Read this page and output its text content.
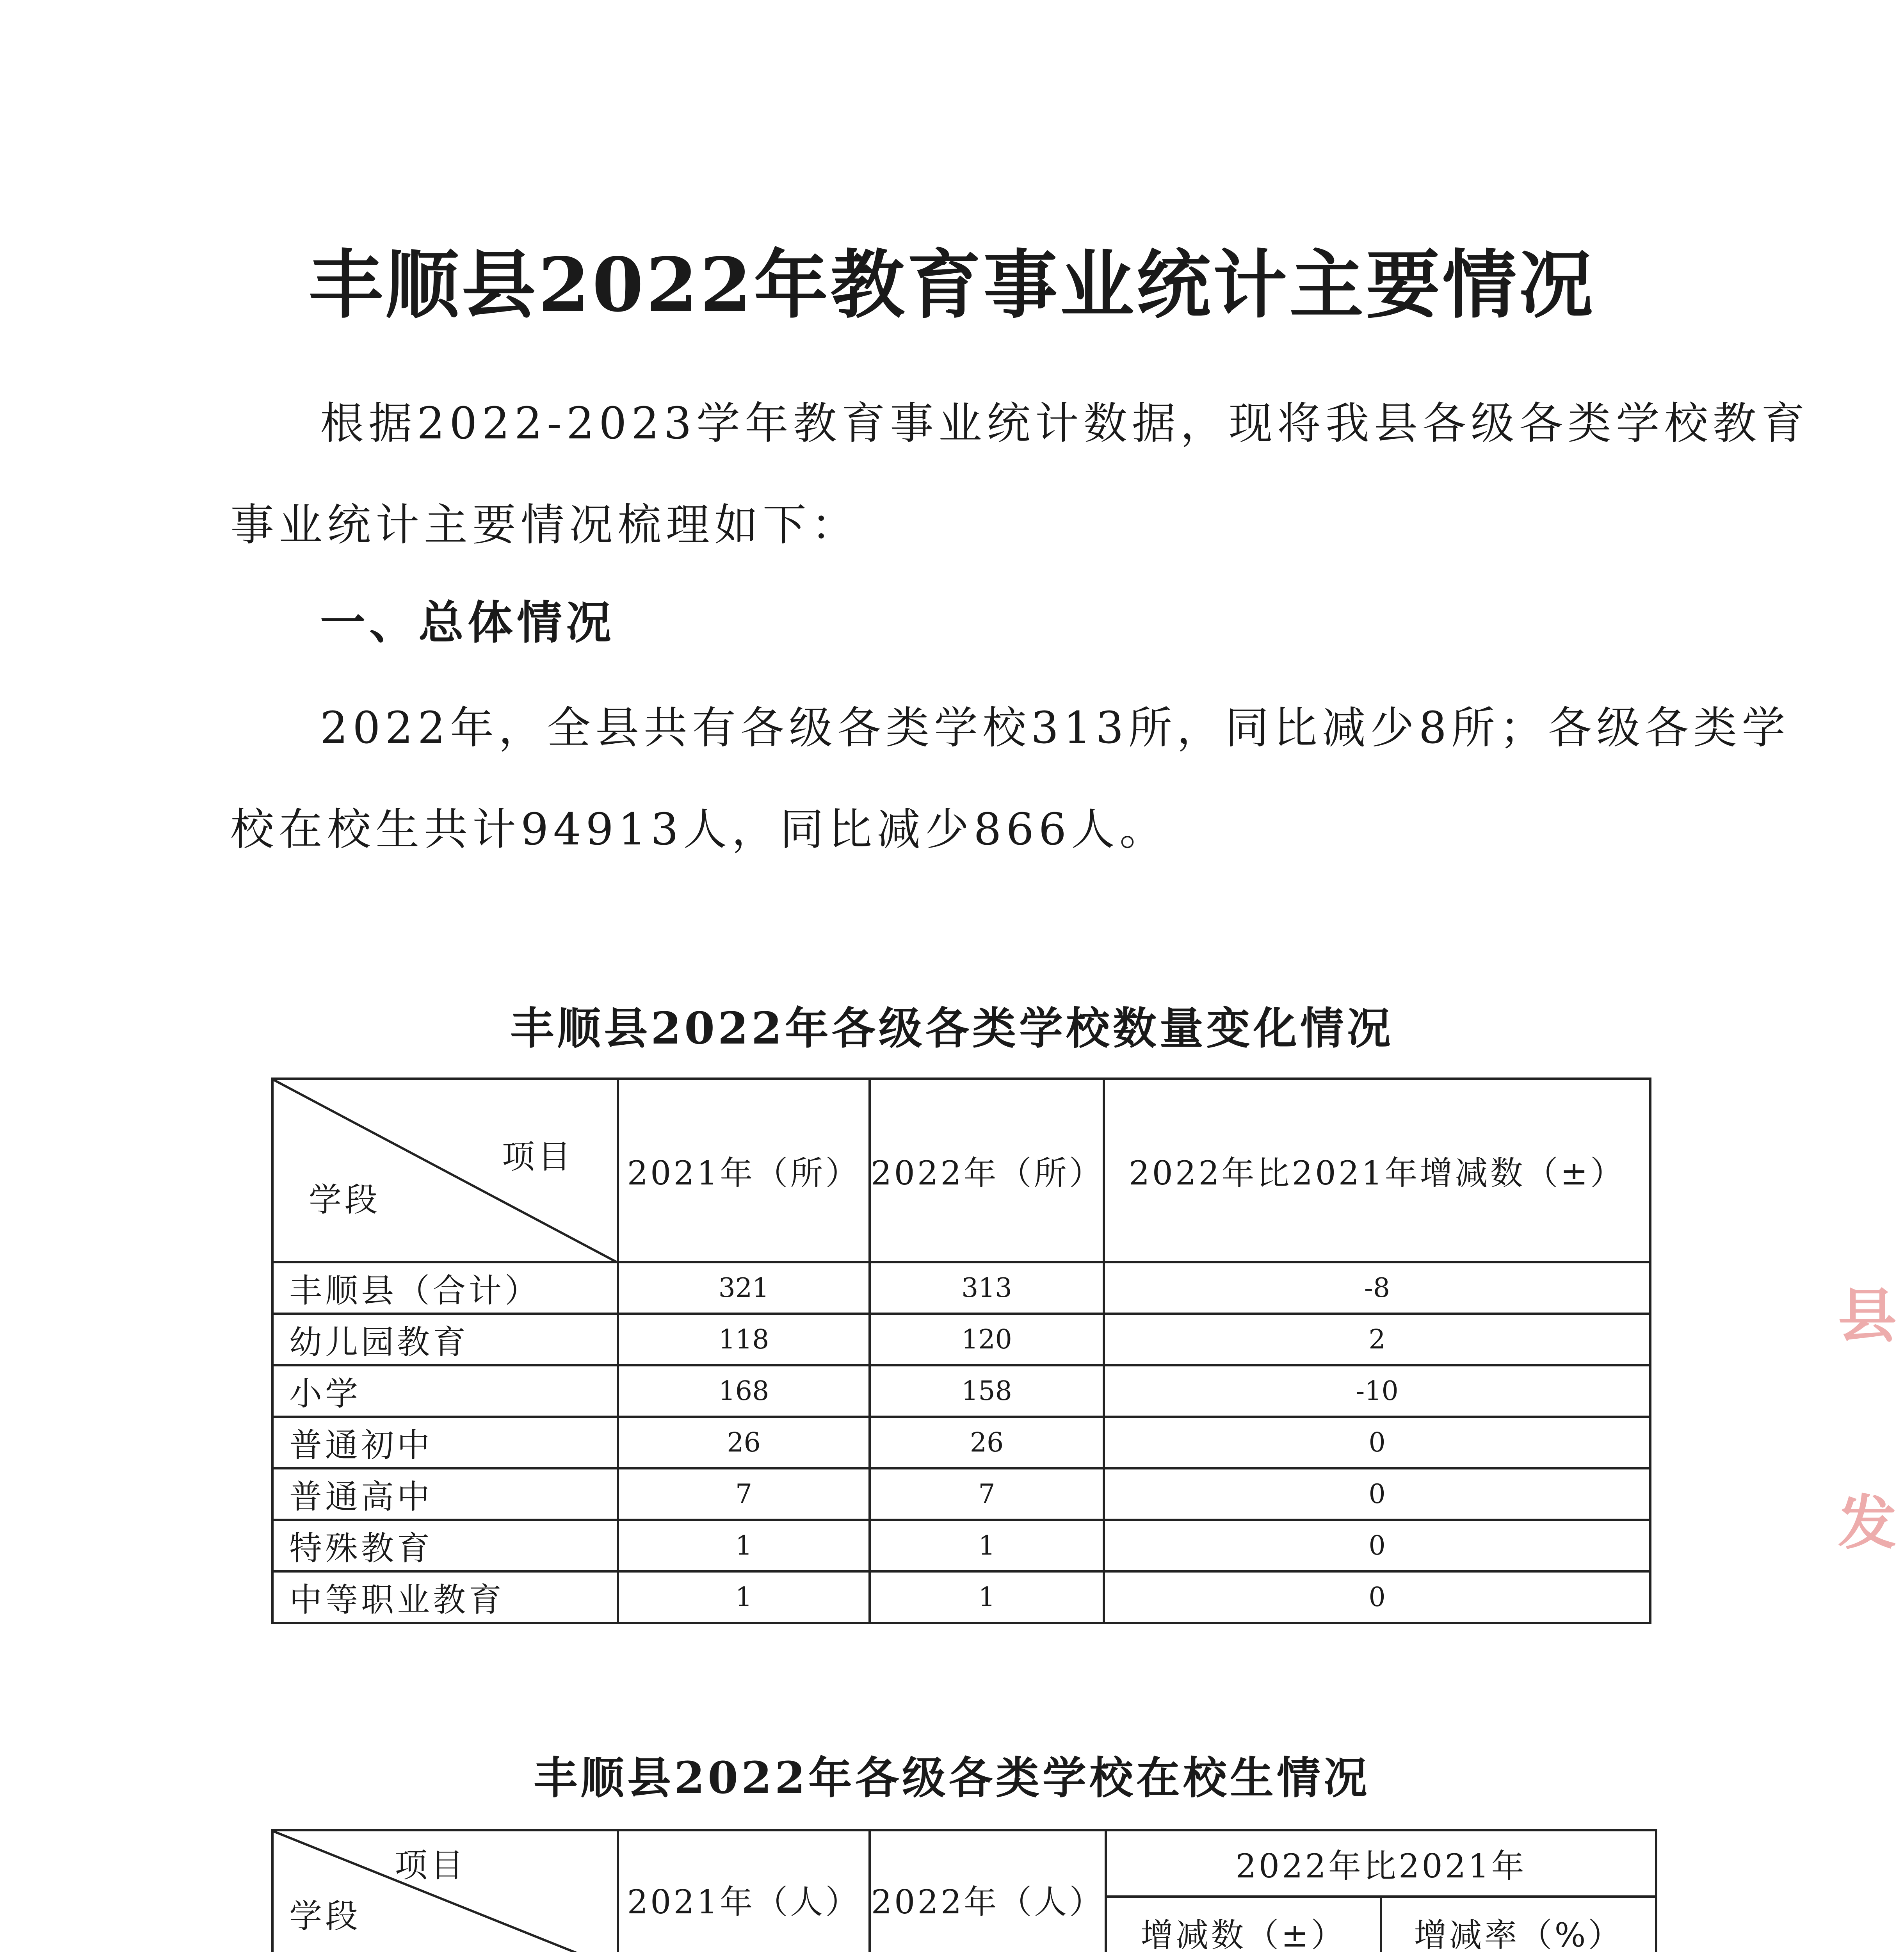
丰顺县2022年教育事业统计主要情况
根据2022-2023学年教育事业统计数据，现将我县各级各类学校教育
事业统计主要情况梳理如下：
一、总体情况
2022年，全县共有各级各类学校313所，同比减少8所；各级各类学
校在校生共计94913人，同比减少866人。
丰顺县2022年各级各类学校数量变化情况
项目
学段	2021年（所）	2022年（所）	2022年比2021年增减数（±）
丰顺县（合计）	321	313	-8
幼儿园教育	118	120	2
小学	168	158	-10
普通初中	26	26	0
普通高中	7	7	0
特殊教育	1	1	0
中等职业教育	1	1	0
丰顺县2022年各级各类学校在校生情况
项目
学段	2021年（人）	2022年（人）	2022年比2021年	
			增减数（±）	增减率（%）

县
发
